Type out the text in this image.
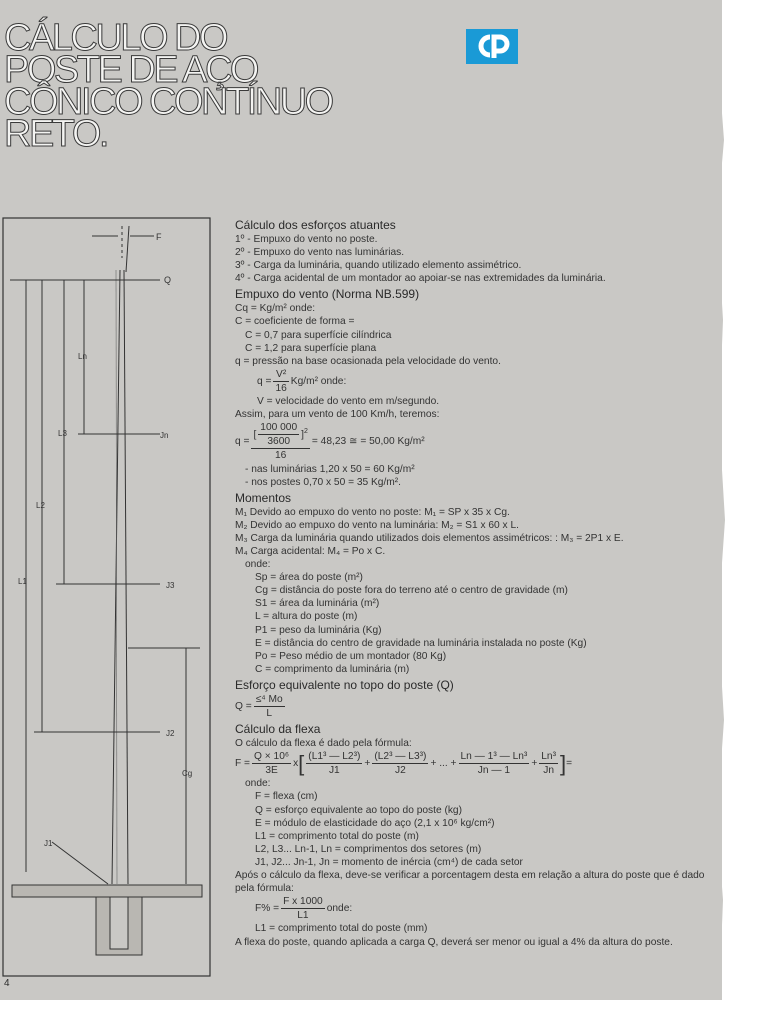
CÁLCULO DO
POSTE DE AÇO
CÔNICO CONTÍNUO
RETO.
F
Q
Ln
L3	Jn
L2
L1	J3
J2
Cg
J1
Cálculo dos esforços atuantes
1º - Empuxo do vento no poste.
2º - Empuxo do vento nas luminárias.
3º - Carga da luminária, quando utilizado elemento assimétrico.
4º - Carga acidental de um montador ao apoiar-se nas extremidades da luminária.
Empuxo do vento (Norma NB.599)
Cq = Kg/m² onde:
C = coeficiente de forma =
C = 0,7 para superfície cilíndrica
C = 1,2 para superfície plana
q = pressão na base ocasionada pela velocidade do vento.
$q = \frac{\text{V²}}{16} Kg/m^2$ onde:
V = velocidade do vento em m/segundo.
Assim, para um vento de 100 Km/h, teremos:
$q = \frac{[ \frac{100 000}{3600} ]^2}{16} = 48,23$ ≅ = 50,00 Kg/m²
- nas luminárias 1,20 x 50 = 60 Kg/m²
- nos postes 0,70 x 50 = 35 Kg/m².
Momentos
M₁ Devido ao empuxo do vento no poste: M₁ = SP x 35 x Cg.
M₂ Devido ao empuxo do vento na luminária: M₂ = S1 x 60 x L.
M₃ Carga da luminária quando utilizados dois elementos assimétricos: : M₃ = 2P1 x E.
M₄ Carga acidental: M₄ = Po x C.
onde:
Sp = área do poste (m²)
Cg = distância do poste fora do terreno até o centro de gravidade (m)
S1 = área da luminária (m²)
L = altura do poste (m)
P1 = peso da luminária (Kg)
E = distância do centro de gravidade na luminária instalada no poste (Kg)
Po = Peso médio de um montador (80 Kg)
C = comprimento da luminária (m)
Esforço equivalente no topo do poste (Q)
$Q = \frac{\text{≤⁴ Mo}}{L}$
Cálculo da flexa
O cálculo da flexa é dado pela fórmula:
$F = \frac{\text{Q × 10⁶}}{3E}$ x [ $\frac{\text{(L1³ — L2³)}}{J1} + \frac{\text{(L2³ — L3³)}}{J2}$ + ... + $\frac{\text{Ln — 1³ — Ln³}}{Jn — 1} + \frac{\text{Ln³}}{Jn}$ ] =
onde:
F = flexa (cm)
Q = esforço equivalente ao topo do poste (kg)
E = módulo de elasticidade do aço (2,1 x 10⁶ kg/cm²)
L1 = comprimento total do poste (m)
L2, L3... Ln-1, Ln = comprimentos dos setores (m)
J1, J2... Jn-1, Jn = momento de inércia (cm⁴) de cada setor
Após o cálculo da flexa, deve-se verificar a porcentagem desta em relação a altura do poste que é dado pela fórmula:
$F\% = \frac{\text{F x 1000}}{L1}$ onde:
L1 = comprimento total do poste (mm)
A flexa do poste, quando aplicada a carga Q, deverá ser menor ou igual a 4% da altura do poste.
4
